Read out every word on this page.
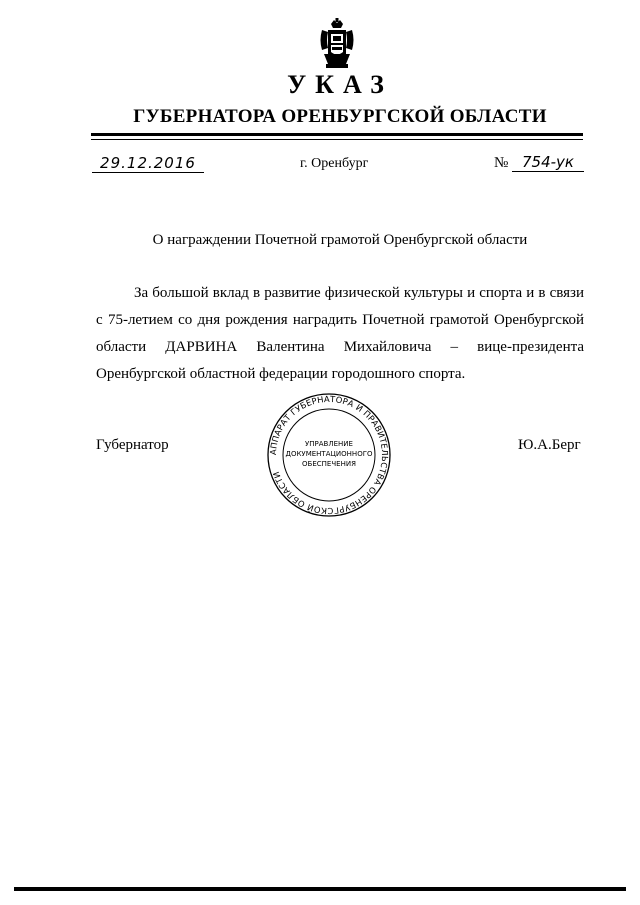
УКАЗ
ГУБЕРНАТОРА ОРЕНБУРГСКОЙ ОБЛАСТИ
29.12.2016	г. Оренбург	№ 754-ук
О награждении Почетной грамотой Оренбургской области
За большой вклад в развитие физической культуры и спорта и в связи с 75-летием со дня рождения наградить Почетной грамотой Оренбургской области ДАРВИНА Валентина Михайловича – вице-президента Оренбургской областной федерации городошного спорта.
Губернатор	Ю.А.Берг
АППАРАТ ГУБЕРНАТОРА И ПРАВИТЕЛЬСТВА ОРЕНБУРГСКОЙ ОБЛАСТИ
УПРАВЛЕНИЕ
ДОКУМЕНТАЦИОННОГО
ОБЕСПЕЧЕНИЯ
